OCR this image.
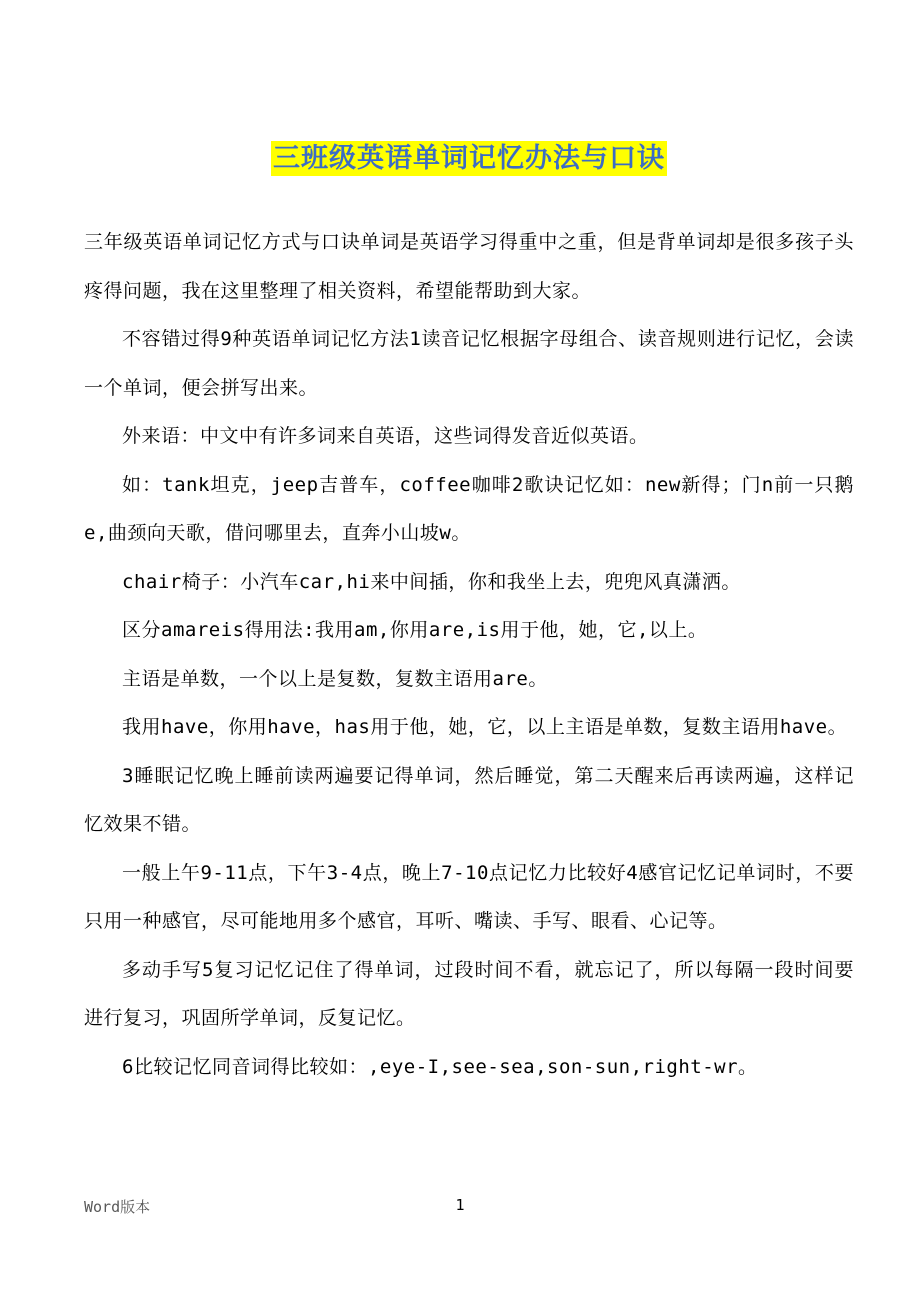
三班级英语单词记忆办法与口诀

三年级英语单词记忆方式与口诀单词是英语学习得重中之重，但是背单词却是很多孩子头疼得问题，我在这里整理了相关资料，希望能帮助到大家。

不容错过得9种英语单词记忆方法1读音记忆根据字母组合、读音规则进行记忆，会读一个单词，便会拼写出来。

外来语：中文中有许多词来自英语，这些词得发音近似英语。

如：tank坦克，jeep吉普车，coffee咖啡2歌诀记忆如：new新得；门n前一只鹅e,曲颈向天歌，借问哪里去，直奔小山坡w。

chair椅子：小汽车car,hi来中间插，你和我坐上去，兜兜风真潇洒。

区分amareis得用法:我用am,你用are,is用于他，她，它,以上。

主语是单数，一个以上是复数，复数主语用are。

我用have，你用have，has用于他，她，它，以上主语是单数，复数主语用have。

3睡眠记忆晚上睡前读两遍要记得单词，然后睡觉，第二天醒来后再读两遍，这样记忆效果不错。

一般上午9-11点，下午3-4点，晚上7-10点记忆力比较好4感官记忆记单词时，不要只用一种感官，尽可能地用多个感官，耳听、嘴读、手写、眼看、心记等。

多动手写5复习记忆记住了得单词，过段时间不看，就忘记了，所以每隔一段时间要进行复习，巩固所学单词，反复记忆。

6比较记忆同音词得比较如：,eye-I,see-sea,son-sun,right-wr。

Word版本	1
